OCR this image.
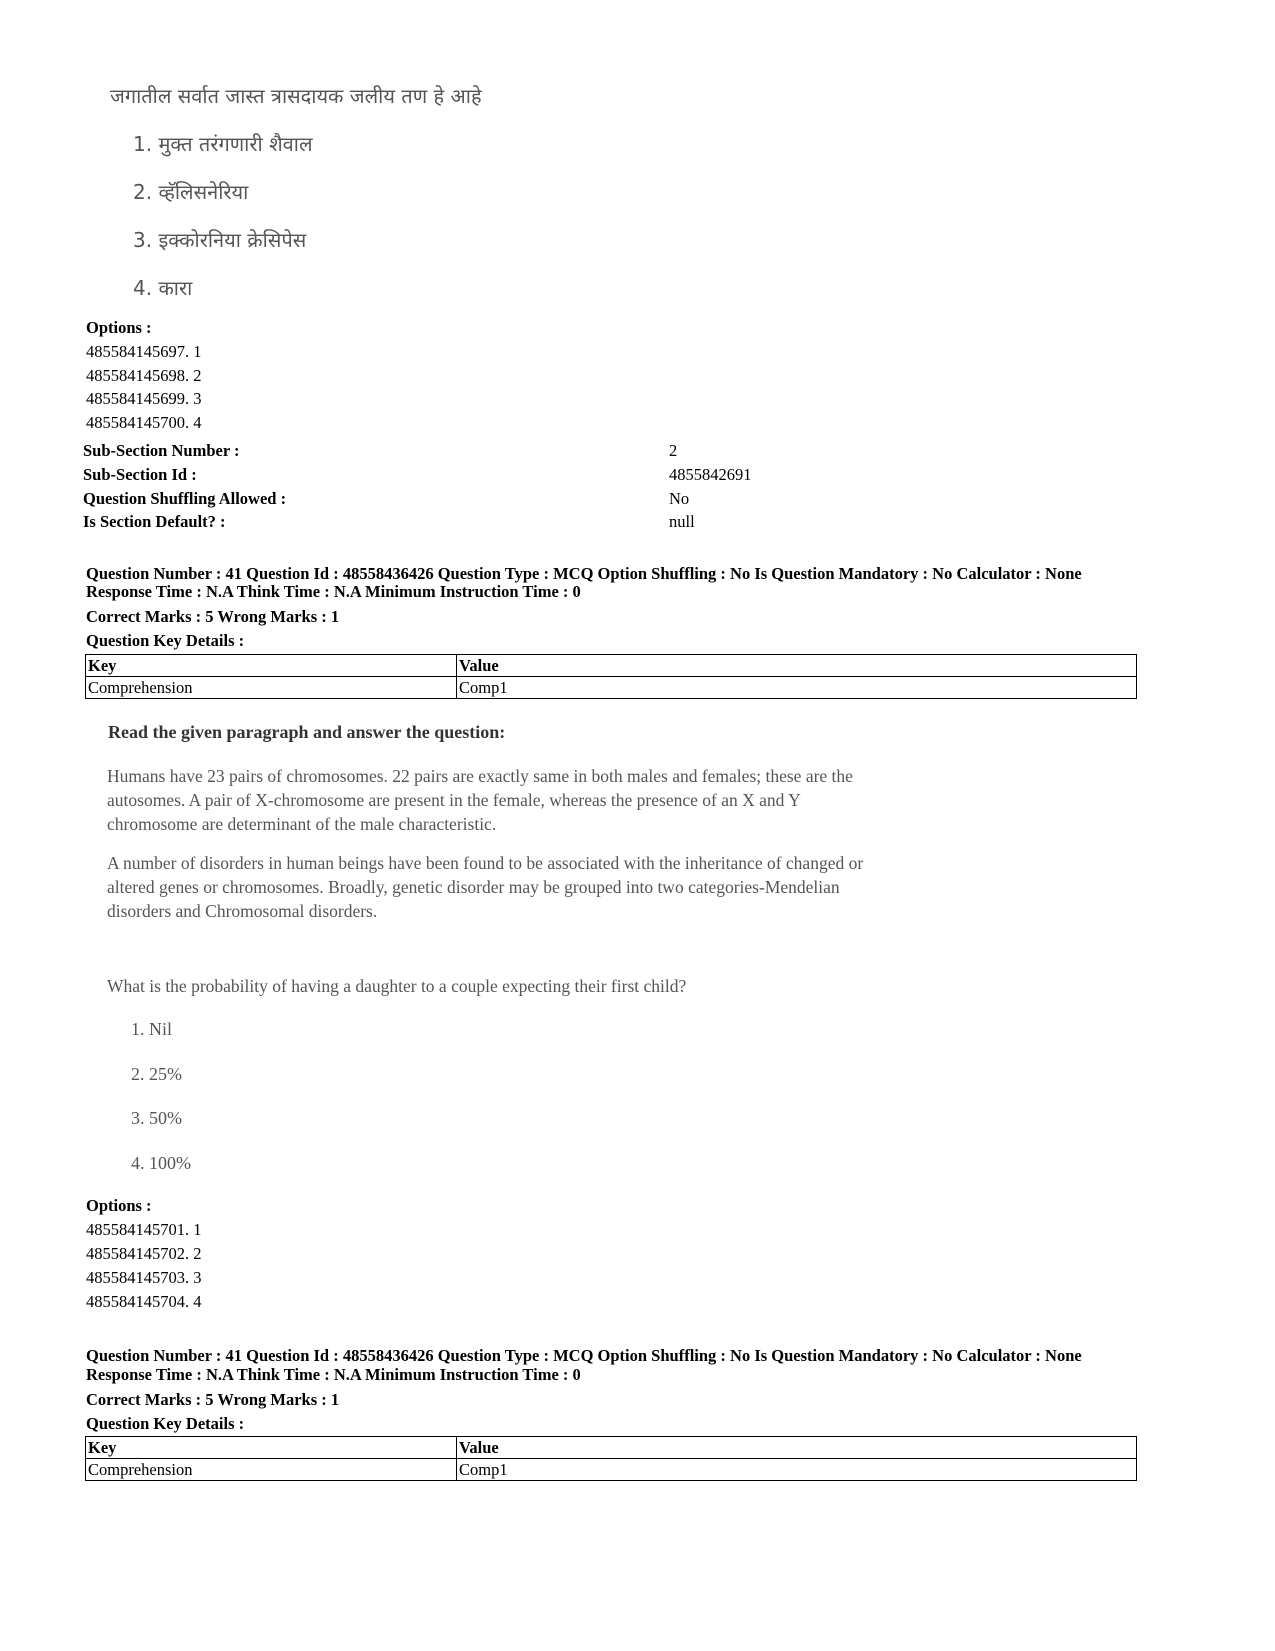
जगातील सर्वात जास्त त्रासदायक जलीय तण हे आहे
1. मुक्त तरंगणारी शैवाल
2. व्हॅलिसनेरिया
3. इक्कोरनिया क्रेसिपेस
4. कारा
Options :
485584145697. 1
485584145698. 2
485584145699. 3
485584145700. 4
Sub-Section Number :	2
Sub-Section Id :	4855842691
Question Shuffling Allowed :	No
Is Section Default? :	null
Question Number : 41 Question Id : 48558436426 Question Type : MCQ Option Shuffling : No Is Question Mandatory : No Calculator : None
Response Time : N.A Think Time : N.A Minimum Instruction Time : 0
Correct Marks : 5 Wrong Marks : 1
Question Key Details :
Key	Value
Comprehension	Comp1
Read the given paragraph and answer the question:
Humans have 23 pairs of chromosomes. 22 pairs are exactly same in both males and females; these are the
autosomes. A pair of X-chromosome are present in the female, whereas the presence of an X and Y
chromosome are determinant of the male characteristic.
A number of disorders in human beings have been found to be associated with the inheritance of changed or
altered genes or chromosomes. Broadly, genetic disorder may be grouped into two categories-Mendelian
disorders and Chromosomal disorders.
What is the probability of having a daughter to a couple expecting their first child?
1. Nil
2. 25%
3. 50%
4. 100%
Options :
485584145701. 1
485584145702. 2
485584145703. 3
485584145704. 4
Question Number : 41 Question Id : 48558436426 Question Type : MCQ Option Shuffling : No Is Question Mandatory : No Calculator : None
Response Time : N.A Think Time : N.A Minimum Instruction Time : 0
Correct Marks : 5 Wrong Marks : 1
Question Key Details :
Key	Value
Comprehension	Comp1
